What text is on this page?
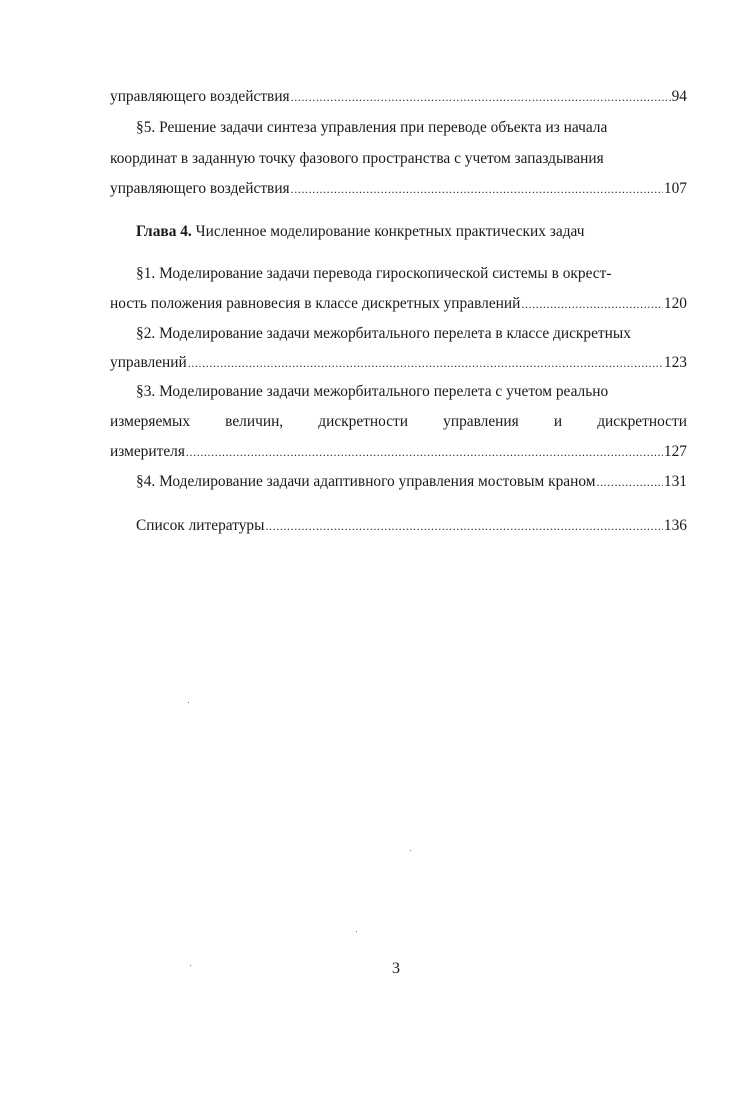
управляющего воздействия .....	94
§5. Решение задачи синтеза управления при переводе объекта из начала
координат в заданную точку фазового пространства с учетом запаздывания
управляющего воздействия .....	107
Глава 4. Численное моделирование конкретных практических задач
§1. Моделирование задачи перевода гироскопической системы в окрест-
ность положения равновесия в классе дискретных управлений .....	120
§2. Моделирование задачи межорбитального перелета в классе дискретных
управлений .....	123
§3. Моделирование задачи межорбитального перелета с учетом реально
измеряемых величин, дискретности управления и дискретности
измерителя .....	127
§4. Моделирование задачи адаптивного управления мостовым краном .....	131
Список литературы .....	136
3
